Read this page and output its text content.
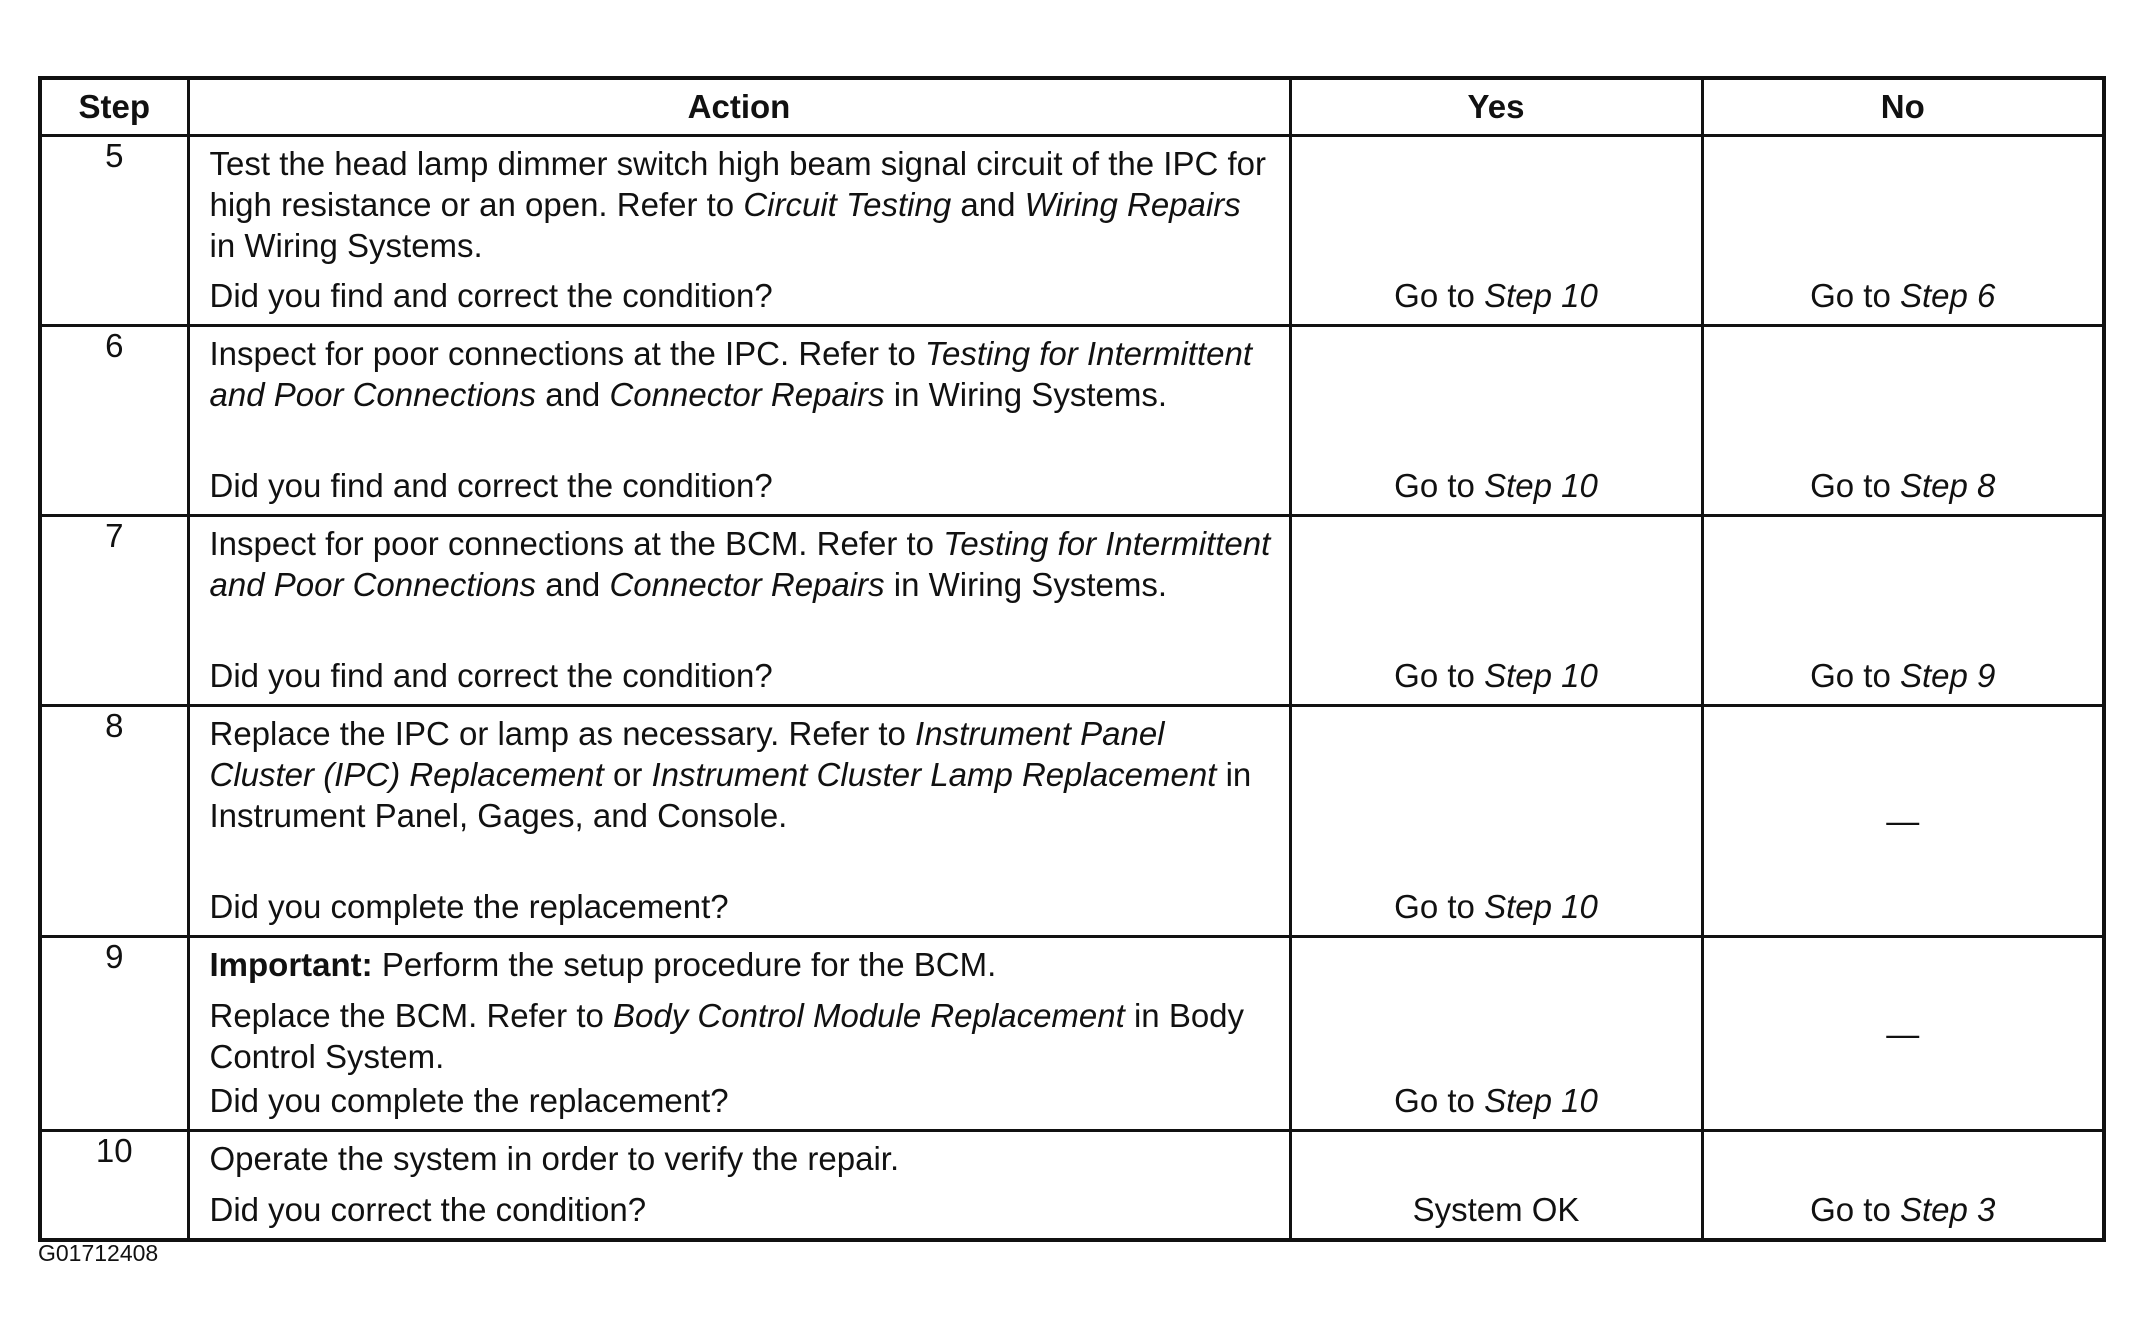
Step	Action	Yes	No
5	Test the head lamp dimmer switch high beam signal circuit of the IPC for high resistance or an open. Refer to Circuit Testing and Wiring Repairs in Wiring Systems.

Did you find and correct the condition?	Go to Step 10	Go to Step 6

6	Inspect for poor connections at the IPC. Refer to Testing for Intermittent and Poor Connections and Connector Repairs in Wiring Systems.

Did you find and correct the condition?	Go to Step 10	Go to Step 8

7	Inspect for poor connections at the BCM. Refer to Testing for Intermittent and Poor Connections and Connector Repairs in Wiring Systems.

Did you find and correct the condition?	Go to Step 10	Go to Step 9

8	Replace the IPC or lamp as necessary. Refer to Instrument Panel Cluster (IPC) Replacement or Instrument Cluster Lamp Replacement in Instrument Panel, Gages, and Console.

Did you complete the replacement?	Go to Step 10	—

9	Important: Perform the setup procedure for the BCM.

Replace the BCM. Refer to Body Control Module Replacement in Body Control System.

Did you complete the replacement?	Go to Step 10	—

10	Operate the system in order to verify the repair.

Did you correct the condition?	System OK	Go to Step 3
G01712408
